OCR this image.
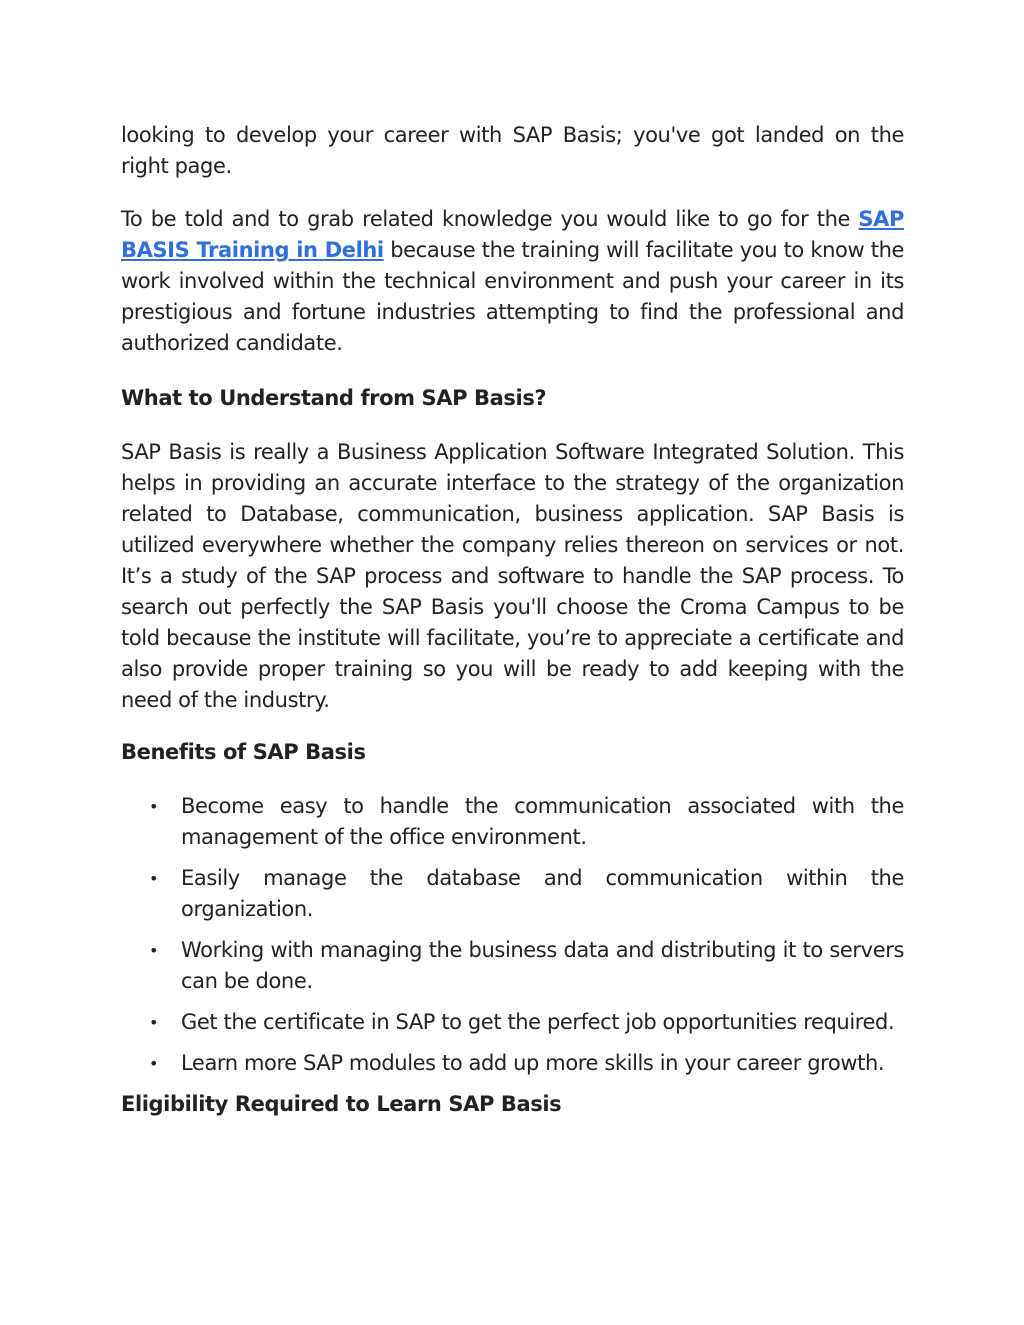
looking to develop your career with SAP Basis; you've got landed on the right page.

To be told and to grab related knowledge you would like to go for the SAP BASIS Training in Delhi because the training will facilitate you to know the work involved within the technical environment and push your career in its prestigious and fortune industries attempting to find the professional and authorized candidate.

What to Understand from SAP Basis?

SAP Basis is really a Business Application Software Integrated Solution. This helps in providing an accurate interface to the strategy of the organization related to Database, communication, business application. SAP Basis is utilized everywhere whether the company relies thereon on services or not. It’s a study of the SAP process and software to handle the SAP process. To search out perfectly the SAP Basis you'll choose the Croma Campus to be told because the institute will facilitate, you’re to appreciate a certificate and also provide proper training so you will be ready to add keeping with the need of the industry.

Benefits of SAP Basis
• Become easy to handle the communication associated with the management of the office environment.
• Easily manage the database and communication within the organization.
• Working with managing the business data and distributing it to servers can be done.
• Get the certificate in SAP to get the perfect job opportunities required.
• Learn more SAP modules to add up more skills in your career growth.
Eligibility Required to Learn SAP Basis
